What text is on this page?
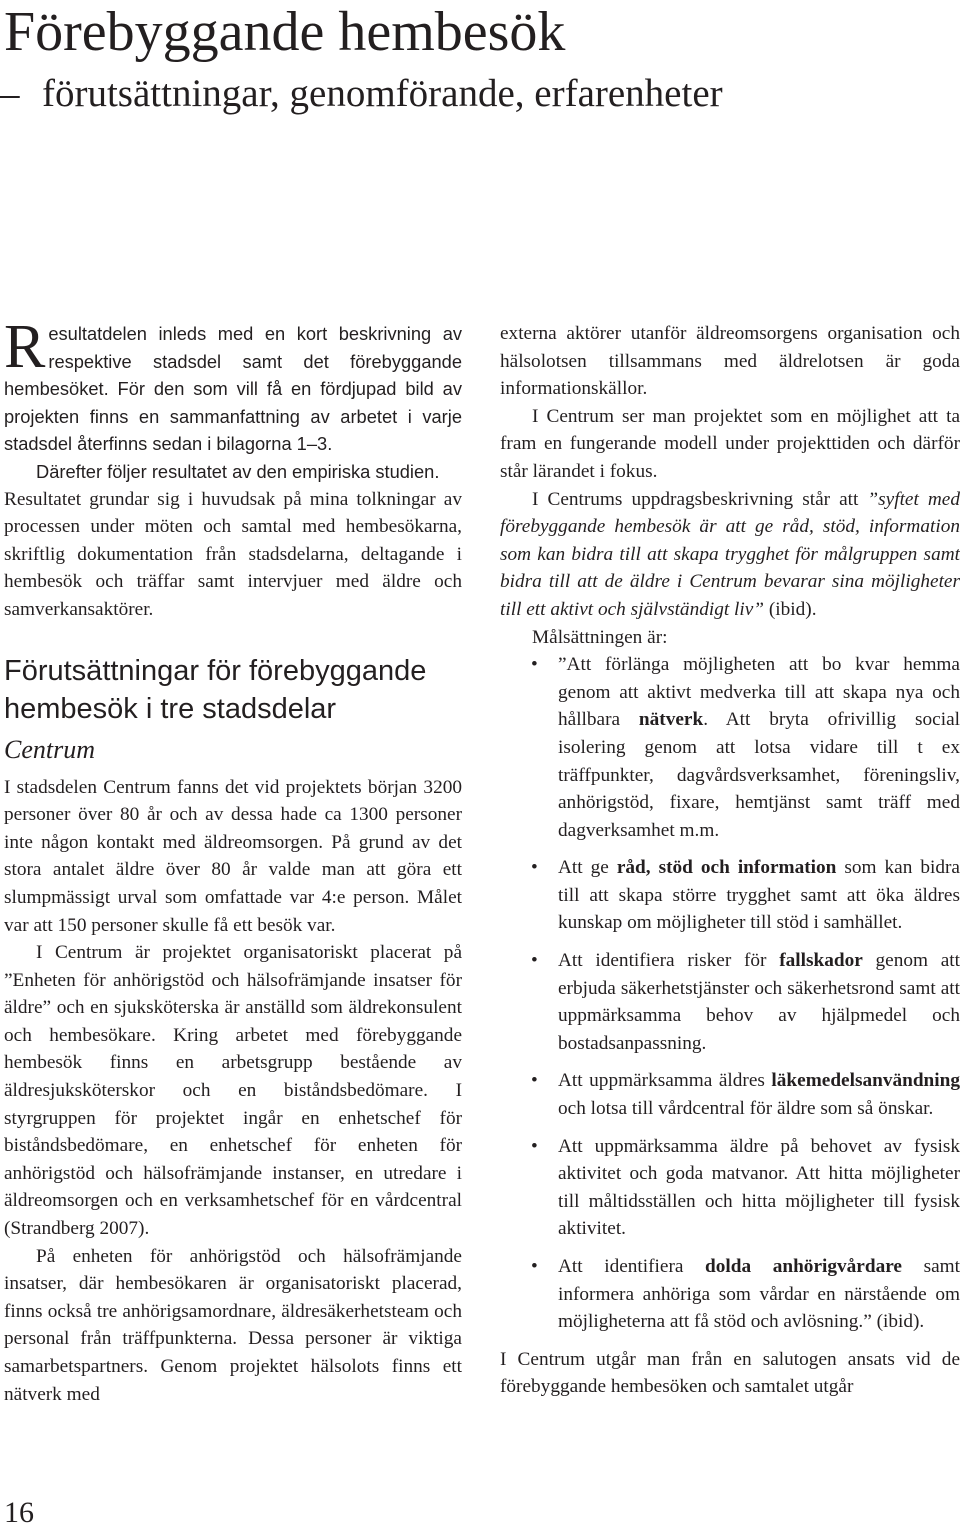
Förebyggande hembesök
– förutsättningar, genomförande, erfarenheter
Resultatdelen inleds med en kort beskrivning av respektive stadsdel samt det förebyggande hembesöket. För den som vill få en fördjupad bild av projekten finns en sammanfattning av arbetet i varje stadsdel återfinns sedan i bilagorna 1–3.

Därefter följer resultatet av den empiriska studien.

Resultatet grundar sig i huvudsak på mina tolkningar av processen under möten och samtal med hembesökarna, skriftlig dokumentation från stadsdelarna, deltagande i hembesök och träffar samt intervjuer med äldre och samverkansaktörer.

Förutsättningar för förebyggande hembesök i tre stadsdelar
Centrum

I stadsdelen Centrum fanns det vid projektets början 3200 personer över 80 år och av dessa hade ca 1300 personer inte någon kontakt med äldreomsorgen. På grund av det stora antalet äldre över 80 år valde man att göra ett slumpmässigt urval som omfattade var 4:e person. Målet var att 150 personer skulle få ett besök var.

I Centrum är projektet organisatoriskt placerat på ”Enheten för anhörigstöd och hälsofrämjande insatser för äldre” och en sjuksköterska är anställd som äldrekonsulent och hembesökare. Kring arbetet med förebyggande hembesök finns en arbetsgrupp bestående av äldresjuksköterskor och en biståndsbedömare. I styrgruppen för projektet ingår en enhetschef för biståndsbedömare, en enhetschef för enheten för anhörigstöd och hälsofrämjande instanser, en utredare i äldreomsorgen och en verksamhetschef för en vårdcentral (Strandberg 2007).

På enheten för anhörigstöd och hälsofrämjande insatser, där hembesökaren är organisatoriskt placerad, finns också tre anhörigsamordnare, äldresäkerhetsteam och personal från träffpunkterna. Dessa personer är viktiga samarbetspartners. Genom projektet hälsolots finns ett nätverk med

externa aktörer utanför äldreomsorgens organisation och hälsolotsen tillsammans med äldrelotsen är goda informationskällor.

I Centrum ser man projektet som en möjlighet att ta fram en fungerande modell under projekttiden och därför står lärandet i fokus.

I Centrums uppdragsbeskrivning står att ”syftet med förebyggande hembesök är att ge råd, stöd, information som kan bidra till att skapa trygghet för målgruppen samt bidra till att de äldre i Centrum bevarar sina möjligheter till ett aktivt och självständigt liv” (ibid).

Målsättningen är:

• ”Att förlänga möjligheten att bo kvar hemma genom att aktivt medverka till att skapa nya och hållbara nätverk. Att bryta ofrivillig social isolering genom att lotsa vidare till t ex träffpunkter, dagvårdsverksamhet, föreningsliv, anhörigstöd, fixare, hemtjänst samt träff med dagverksamhet m.m.
• Att ge råd, stöd och information som kan bidra till att skapa större trygghet samt att öka äldres kunskap om möjligheter till stöd i samhället.
• Att identifiera risker för fallskador genom att erbjuda säkerhetstjänster och säkerhetsrond samt att uppmärksamma behov av hjälpmedel och bostadsanpassning.
• Att uppmärksamma äldres läkemedelsanvändning och lotsa till vårdcentral för äldre som så önskar.
• Att uppmärksamma äldre på behovet av fysisk aktivitet och goda matvanor. Att hitta möjligheter till måltidsställen och hitta möjligheter till fysisk aktivitet.
• Att identifiera dolda anhörigvårdare samt informera anhöriga som vårdar en närstående om möjligheterna att få stöd och avlösning.” (ibid).

I Centrum utgår man från en salutogen ansats vid de förebyggande hembesöken och samtalet utgår

16
